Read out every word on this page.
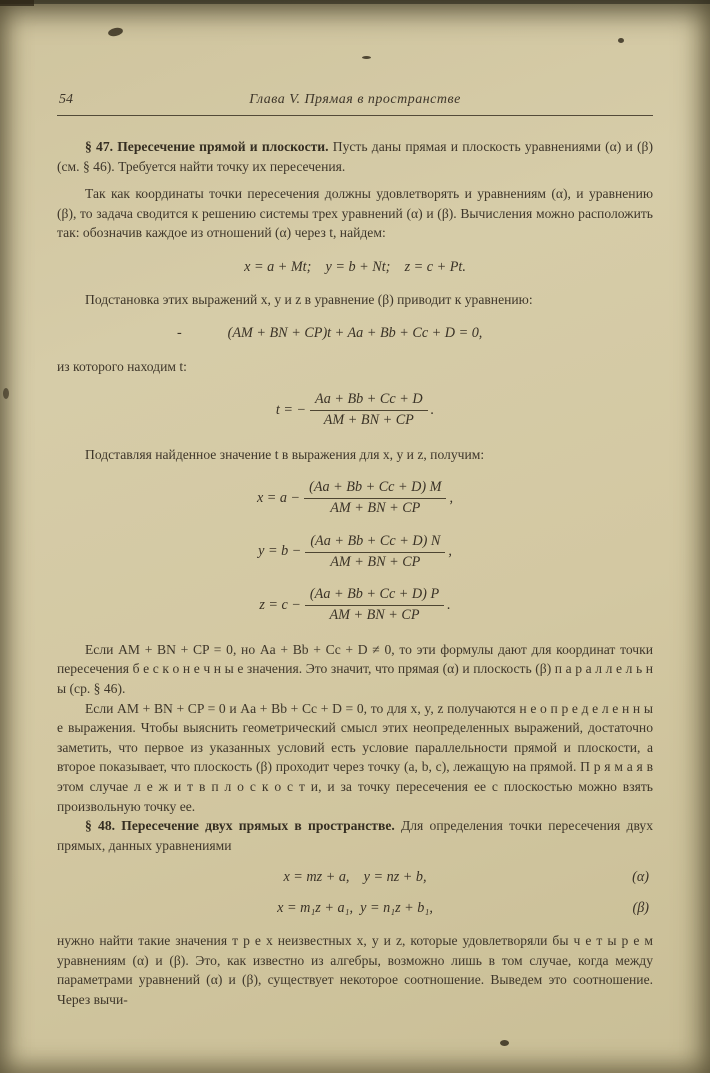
54	Глава V. Прямая в пространстве

§ 47. Пересечение прямой и плоскости. Пусть даны прямая и плоскость уравнениями (α) и (β) (см. § 46). Требуется найти точку их пересечения.

Так как координаты точки пересечения должны удовлетворять и уравнениям (α), и уравнению (β), то задача сводится к решению системы трех уравнений (α) и (β). Вычисления можно расположить так: обозначив каждое из отношений (α) через t, найдем:

x = a + Mt; y = b + Nt; z = c + Pt.

Подстановка этих выражений x, y и z в уравнение (β) приводит к уравнению:

-	(AM + BN + CP)t + Aa + Bb + Cc + D = 0,

из которого находим t:

t = − $\frac{Aa + Bb + Cc + D}{AM + BN + CP}$ .

Подставляя найденное значение t в выражения для x, y и z, получим:

$x = a - \frac{(Aa + Bb + Cc + D) M}{AM + BN + CP}$ ,
$y = b - \frac{(Aa + Bb + Cc + D) N}{AM + BN + CP}$ ,
$z = c - \frac{(Aa + Bb + Cc + D) P}{AM + BN + CP}$ .

Если AM + BN + CP = 0, но Aa + Bb + Cc + D ≠ 0, то эти формулы дают для координат точки пересечения б е с к о н е ч н ы е значения. Это значит, что прямая (α) и плоскость (β) п а р а л л е л ь н ы (ср. § 46).

Если AM + BN + CP = 0 и Aa + Bb + Cc + D = 0, то для x, y, z получаются н е о п р е д е л е н н ы е выражения. Чтобы выяснить геометрический смысл этих неопределенных выражений, достаточно заметить, что первое из указанных условий есть условие параллельности прямой и плоскости, а второе показывает, что плоскость (β) проходит через точку (a, b, c), лежащую на прямой. П р я м а я в этом случае л е ж и т в п л о с к о с т и, и за точку пересечения ее с плоскостью можно взять произвольную точку ее.

§ 48. Пересечение двух прямых в пространстве. Для определения точки пересечения двух прямых, данных уравнениями

x = mz + a, y = nz + b,	(α)
x = m₁z + a₁, y = n₁z + b₁,	(β)

нужно найти такие значения т р е х неизвестных x, y и z, которые удовлетворяли бы ч е т ы р е м уравнениям (α) и (β). Это, как известно из алгебры, возможно лишь в том случае, когда между параметрами уравнений (α) и (β), существует некоторое соотношение. Выведем это соотношение. Через вычи-
